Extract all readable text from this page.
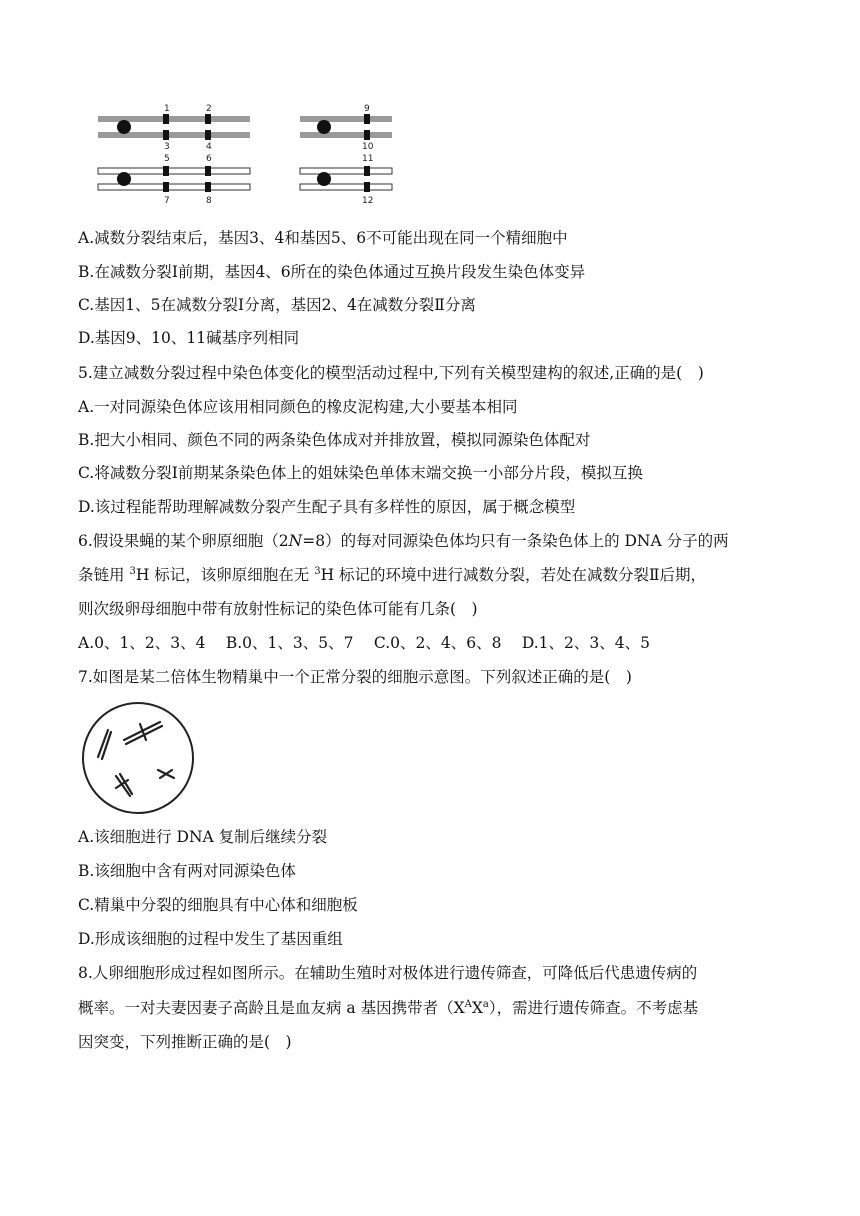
1	2
3	4
5	6
7	8
9
10
11
12
A.减数分裂结束后，基因3、4和基因5、6不可能出现在同一个精细胞中
B.在减数分裂Ⅰ前期，基因4、6所在的染色体通过互换片段发生染色体变异
C.基因1、5在减数分裂Ⅰ分离，基因2、4在减数分裂Ⅱ分离
D.基因9、10、11碱基序列相同
5.建立减数分裂过程中染色体变化的模型活动过程中,下列有关模型建构的叙述,正确的是(　)
A.一对同源染色体应该用相同颜色的橡皮泥构建,大小要基本相同
B.把大小相同、颜色不同的两条染色体成对并排放置，模拟同源染色体配对
C.将减数分裂Ⅰ前期某条染色体上的姐妹染色单体末端交换一小部分片段，模拟互换
D.该过程能帮助理解减数分裂产生配子具有多样性的原因，属于概念模型
6.假设果蝇的某个卵原细胞（2N=8）的每对同源染色体均只有一条染色体上的 DNA 分子的两
条链用 $^3$H 标记，该卵原细胞在无 $^3$H 标记的环境中进行减数分裂，若处在减数分裂Ⅱ后期，
则次级卵母细胞中带有放射性标记的染色体可能有几条(　)
A.0、1、2、3、4　 B.0、1、3、5、7　 C.0、2、4、6、8　 D.1、2、3、4、5
7.如图是某二倍体生物精巢中一个正常分裂的细胞示意图。下列叙述正确的是(　)
A.该细胞进行 DNA 复制后继续分裂
B.该细胞中含有两对同源染色体
C.精巢中分裂的细胞具有中心体和细胞板
D.形成该细胞的过程中发生了基因重组
8.人卵细胞形成过程如图所示。在辅助生殖时对极体进行遗传筛查，可降低后代患遗传病的
概率。一对夫妻因妻子高龄且是血友病 a 基因携带者$(X^AX^a)$，需进行遗传筛查。不考虑基
因突变，下列推断正确的是(　)
